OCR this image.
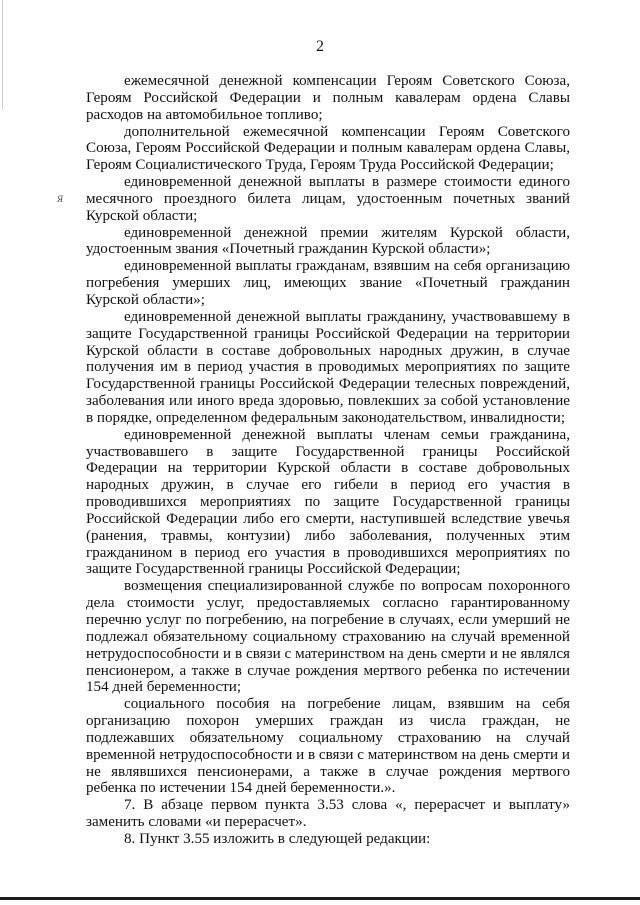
2
Я

ежемесячной денежной компенсации Героям Советского Союза, Героям Российской Федерации и полным кавалерам ордена Славы расходов на автомобильное топливо;

дополнительной ежемесячной компенсации Героям Советского Союза, Героям Российской Федерации и полным кавалерам ордена Славы, Героям Социалистического Труда, Героям Труда Российской Федерации;

единовременной денежной выплаты в размере стоимости единого месячного проездного билета лицам, удостоенным почетных званий Курской области;

единовременной денежной премии жителям Курской области, удостоенным звания «Почетный гражданин Курской области»;

единовременной выплаты гражданам, взявшим на себя организацию погребения умерших лиц, имеющих звание «Почетный гражданин Курской области»;

единовременной денежной выплаты гражданину, участвовавшему в защите Государственной границы Российской Федерации на территории Курской области в составе добровольных народных дружин, в случае получения им в период участия в проводимых мероприятиях по защите Государственной границы Российской Федерации телесных повреждений, заболевания или иного вреда здоровью, повлекших за собой установление в порядке, определенном федеральным законодательством, инвалидности;

единовременной денежной выплаты членам семьи гражданина, участвовавшего в защите Государственной границы Российской Федерации на территории Курской области в составе добровольных народных дружин, в случае его гибели в период его участия в проводившихся мероприятиях по защите Государственной границы Российской Федерации либо его смерти, наступившей вследствие увечья (ранения, травмы, контузии) либо заболевания, полученных этим гражданином в период его участия в проводившихся мероприятиях по защите Государственной границы Российской Федерации;

возмещения специализированной службе по вопросам похоронного дела стоимости услуг, предоставляемых согласно гарантированному перечню услуг по погребению, на погребение в случаях, если умерший не подлежал обязательному социальному страхованию на случай временной нетрудоспособности и в связи с материнством на день смерти и не являлся пенсионером, а также в случае рождения мертвого ребенка по истечении 154 дней беременности;

социального пособия на погребение лицам, взявшим на себя организацию похорон умерших граждан из числа граждан, не подлежавших обязательному социальному страхованию на случай временной нетрудоспособности и в связи с материнством на день смерти и не являвшихся пенсионерами, а также в случае рождения мертвого ребенка по истечении 154 дней беременности.».

7. В абзаце первом пункта 3.53 слова «, перерасчет и выплату» заменить словами «и перерасчет».

8. Пункт 3.55 изложить в следующей редакции:
